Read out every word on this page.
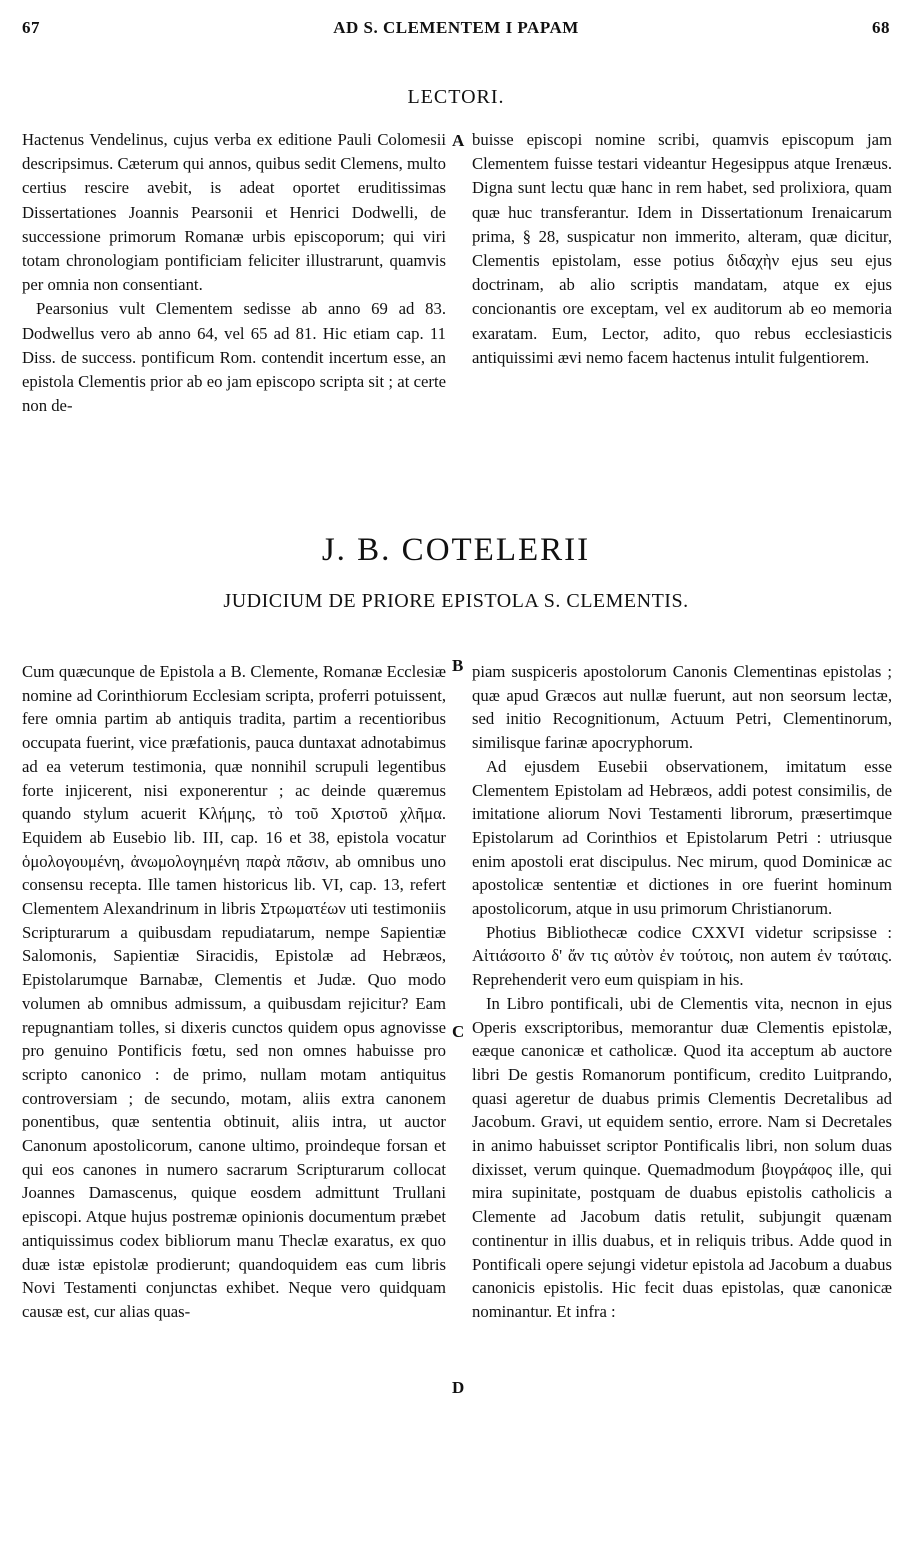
67	AD S. CLEMENTEM I PAPAM	68
LECTORI.

Hactenus Vendelinus, cujus verba ex editione Pauli Colomesii descripsimus. Cæterum qui annos, quibus sedit Clemens, multo certius rescire avebit, is adeat oportet eruditissimas Dissertationes Joannis Pearsonii et Henrici Dodwelli, de successione primorum Romanæ urbis episcoporum; qui viri totam chronologiam pontificiam feliciter illustrarunt, quamvis per omnia non consentiant.

Pearsonius vult Clementem sedisse ab anno 69 ad 83. Dodwellus vero ab anno 64, vel 65 ad 81. Hic etiam cap. 11 Diss. de success. pontificum Rom. contendit incertum esse, an epistola Clementis prior ab eo jam episcopo scripta sit ; at certe non de-

buisse episcopi nomine scribi, quamvis episcopum jam Clementem fuisse testari videantur Hegesippus atque Irenæus. Digna sunt lectu quæ hanc in rem habet, sed prolixiora, quam quæ huc transferantur. Idem in Dissertationum Irenaicarum prima, § 28, suspicatur non immerito, alteram, quæ dicitur, Clementis epistolam, esse potius διδαχὴν ejus seu ejus doctrinam, ab alio scriptis mandatam, atque ex ejus concionantis ore exceptam, vel ex auditorum ab eo memoria exaratam. Eum, Lector, adito, quo rebus ecclesiasticis antiquissimi ævi nemo facem hactenus intulit fulgentiorem.

A
J. B. COTELERII
JUDICIUM DE PRIORE EPISTOLA S. CLEMENTIS.

Cum quæcunque de Epistola a B. Clemente, Romanæ Ecclesiæ nomine ad Corinthiorum Ecclesiam scripta, proferri potuissent, fere omnia partim ab antiquis tradita, partim a recentioribus occupata fuerint, vice præfationis, pauca duntaxat adnotabimus ad ea veterum testimonia, quæ nonnihil scrupuli legentibus forte injicerent, nisi exponerentur ; ac deinde quæremus quando stylum acuerit Κλήμης, τὸ τοῦ Χριστοῦ χλῆμα. Equidem ab Eusebio lib. III, cap. 16 et 38, epistola vocatur ὁμολογουμένη, ἀνωμολογημένη παρὰ πᾶσιν, ab omnibus uno consensu recepta. Ille tamen historicus lib. VI, cap. 13, refert Clementem Alexandrinum in libris Στρωματέων uti testimoniis Scripturarum a quibusdam repudiatarum, nempe Sapientiæ Salomonis, Sapientiæ Siracidis, Epistolæ ad Hebræos, Epistolarumque Barnabæ, Clementis et Judæ. Quo modo volumen ab omnibus admissum, a quibusdam rejicitur? Eam repugnantiam tolles, si dixeris cunctos quidem opus agnovisse pro genuino Pontificis fœtu, sed non omnes habuisse pro scripto canonico : de primo, nullam motam antiquitus controversiam ; de secundo, motam, aliis extra canonem ponentibus, quæ sententia obtinuit, aliis intra, ut auctor Canonum apostolicorum, canone ultimo, proindeque forsan et qui eos canones in numero sacrarum Scripturarum collocat Joannes Damascenus, quique eosdem admittunt Trullani episcopi. Atque hujus postremæ opinionis documentum præbet antiquissimus codex bibliorum manu Theclæ exaratus, ex quo duæ istæ epistolæ prodierunt; quandoquidem eas cum libris Novi Testamenti conjunctas exhibet. Neque vero quidquam causæ est, cur alias quas-

piam suspiceris apostolorum Canonis Clementinas epistolas ; quæ apud Græcos aut nullæ fuerunt, aut non seorsum lectæ, sed initio Recognitionum, Actuum Petri, Clementinorum, similisque farinæ apocryphorum.

Ad ejusdem Eusebii observationem, imitatum esse Clementem Epistolam ad Hebræos, addi potest consimilis, de imitatione aliorum Novi Testamenti librorum, præsertimque Epistolarum ad Corinthios et Epistolarum Petri : utriusque enim apostoli erat discipulus. Nec mirum, quod Dominicæ ac apostolicæ sententiæ et dictiones in ore fuerint hominum apostolicorum, atque in usu primorum Christianorum.

Photius Bibliothecæ codice CXXVI videtur scripsisse : Αἰτιάσοιτο δ' ἄν τις αὐτὸν ἐν τούτοις, non autem ἐν ταύταις. Reprehenderit vero eum quispiam in his.

In Libro pontificali, ubi de Clementis vita, necnon in ejus Operis exscriptoribus, memorantur duæ Clementis epistolæ, eæque canonicæ et catholicæ. Quod ita acceptum ab auctore libri De gestis Romanorum pontificum, credito Luitprando, quasi ageretur de duabus primis Clementis Decretalibus ad Jacobum. Gravi, ut equidem sentio, errore. Nam si Decretales in animo habuisset scriptor Pontificalis libri, non solum duas dixisset, verum quinque. Quemadmodum βιογράφος ille, qui mira supinitate, postquam de duabus epistolis catholicis a Clemente ad Jacobum datis retulit, subjungit quænam continentur in illis duabus, et in reliquis tribus. Adde quod in Pontificali opere sejungi videtur epistola ad Jacobum a duabus canonicis epistolis. Hic fecit duas epistolas, quæ canonicæ nominantur. Et infra :

B
C
D
